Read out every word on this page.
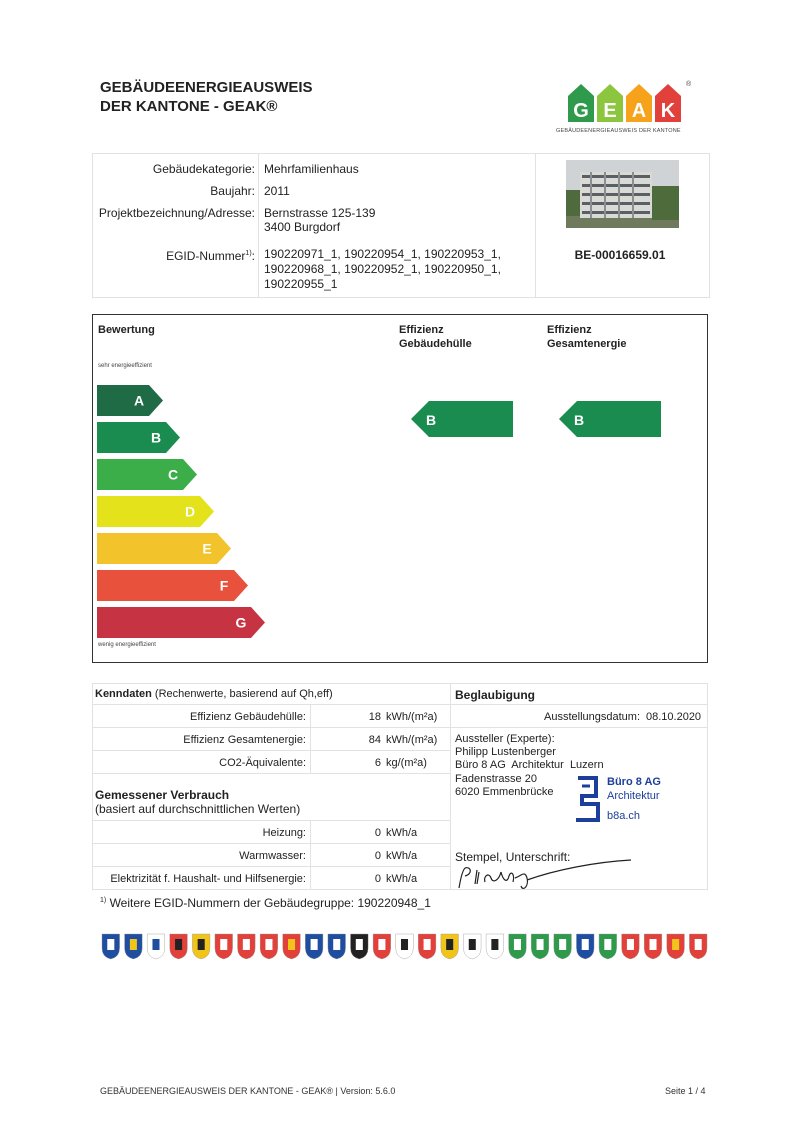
GEBÄUDEENERGIEAUSWEIS
DER KANTONE - GEAK®	G E A K
®
GEBÄUDEENERGIEAUSWEIS DER KANTONE
Gebäudekategorie: Mehrfamilienhaus
Baujahr: 2011
Projektbezeichnung/Adresse: Bernstrasse 125-139
3400 Burgdorf
EGID-Nummer$^{1)}$: 190220971_1, 190220954_1, 190220953_1,
190220968_1, 190220952_1, 190220950_1,
190220955_1
BE-00016659.01
Bewertung
sehr energieeffizient
wenig energieeffizient
Effizienz
Gebäudehülle
Effizienz
Gesamtenergie
A
B
C
D
E
F
G
B	B
Kenndaten (Rechenwerte, basierend auf Qh,eff)
Effizienz Gebäudehülle:	18 kWh/(m²a)
Effizienz Gesamtenergie:	84 kWh/(m²a)
CO2-Äquivalente:	6 kg/(m²a)
Gemessener Verbrauch
(basiert auf durchschnittlichen Werten)
Heizung:	0 kWh/a
Warmwasser:	0 kWh/a
Elektrizität f. Haushalt- und Hilfsenergie:	0 kWh/a
Beglaubigung
Ausstellungsdatum: 08.10.2020
Aussteller (Experte):
Philipp Lustenberger
Büro 8 AG  Architektur  Luzern
Fadenstrasse 20
6020 Emmenbrücke
Stempel, Unterschrift:
Büro 8 AG
Architektur
b8a.ch
$^{1)}$ Weitere EGID-Nummern der Gebäudegruppe: 190220948_1
GEBÄUDEENERGIEAUSWEIS DER KANTONE - GEAK® | Version: 5.6.0	Seite 1 / 4
